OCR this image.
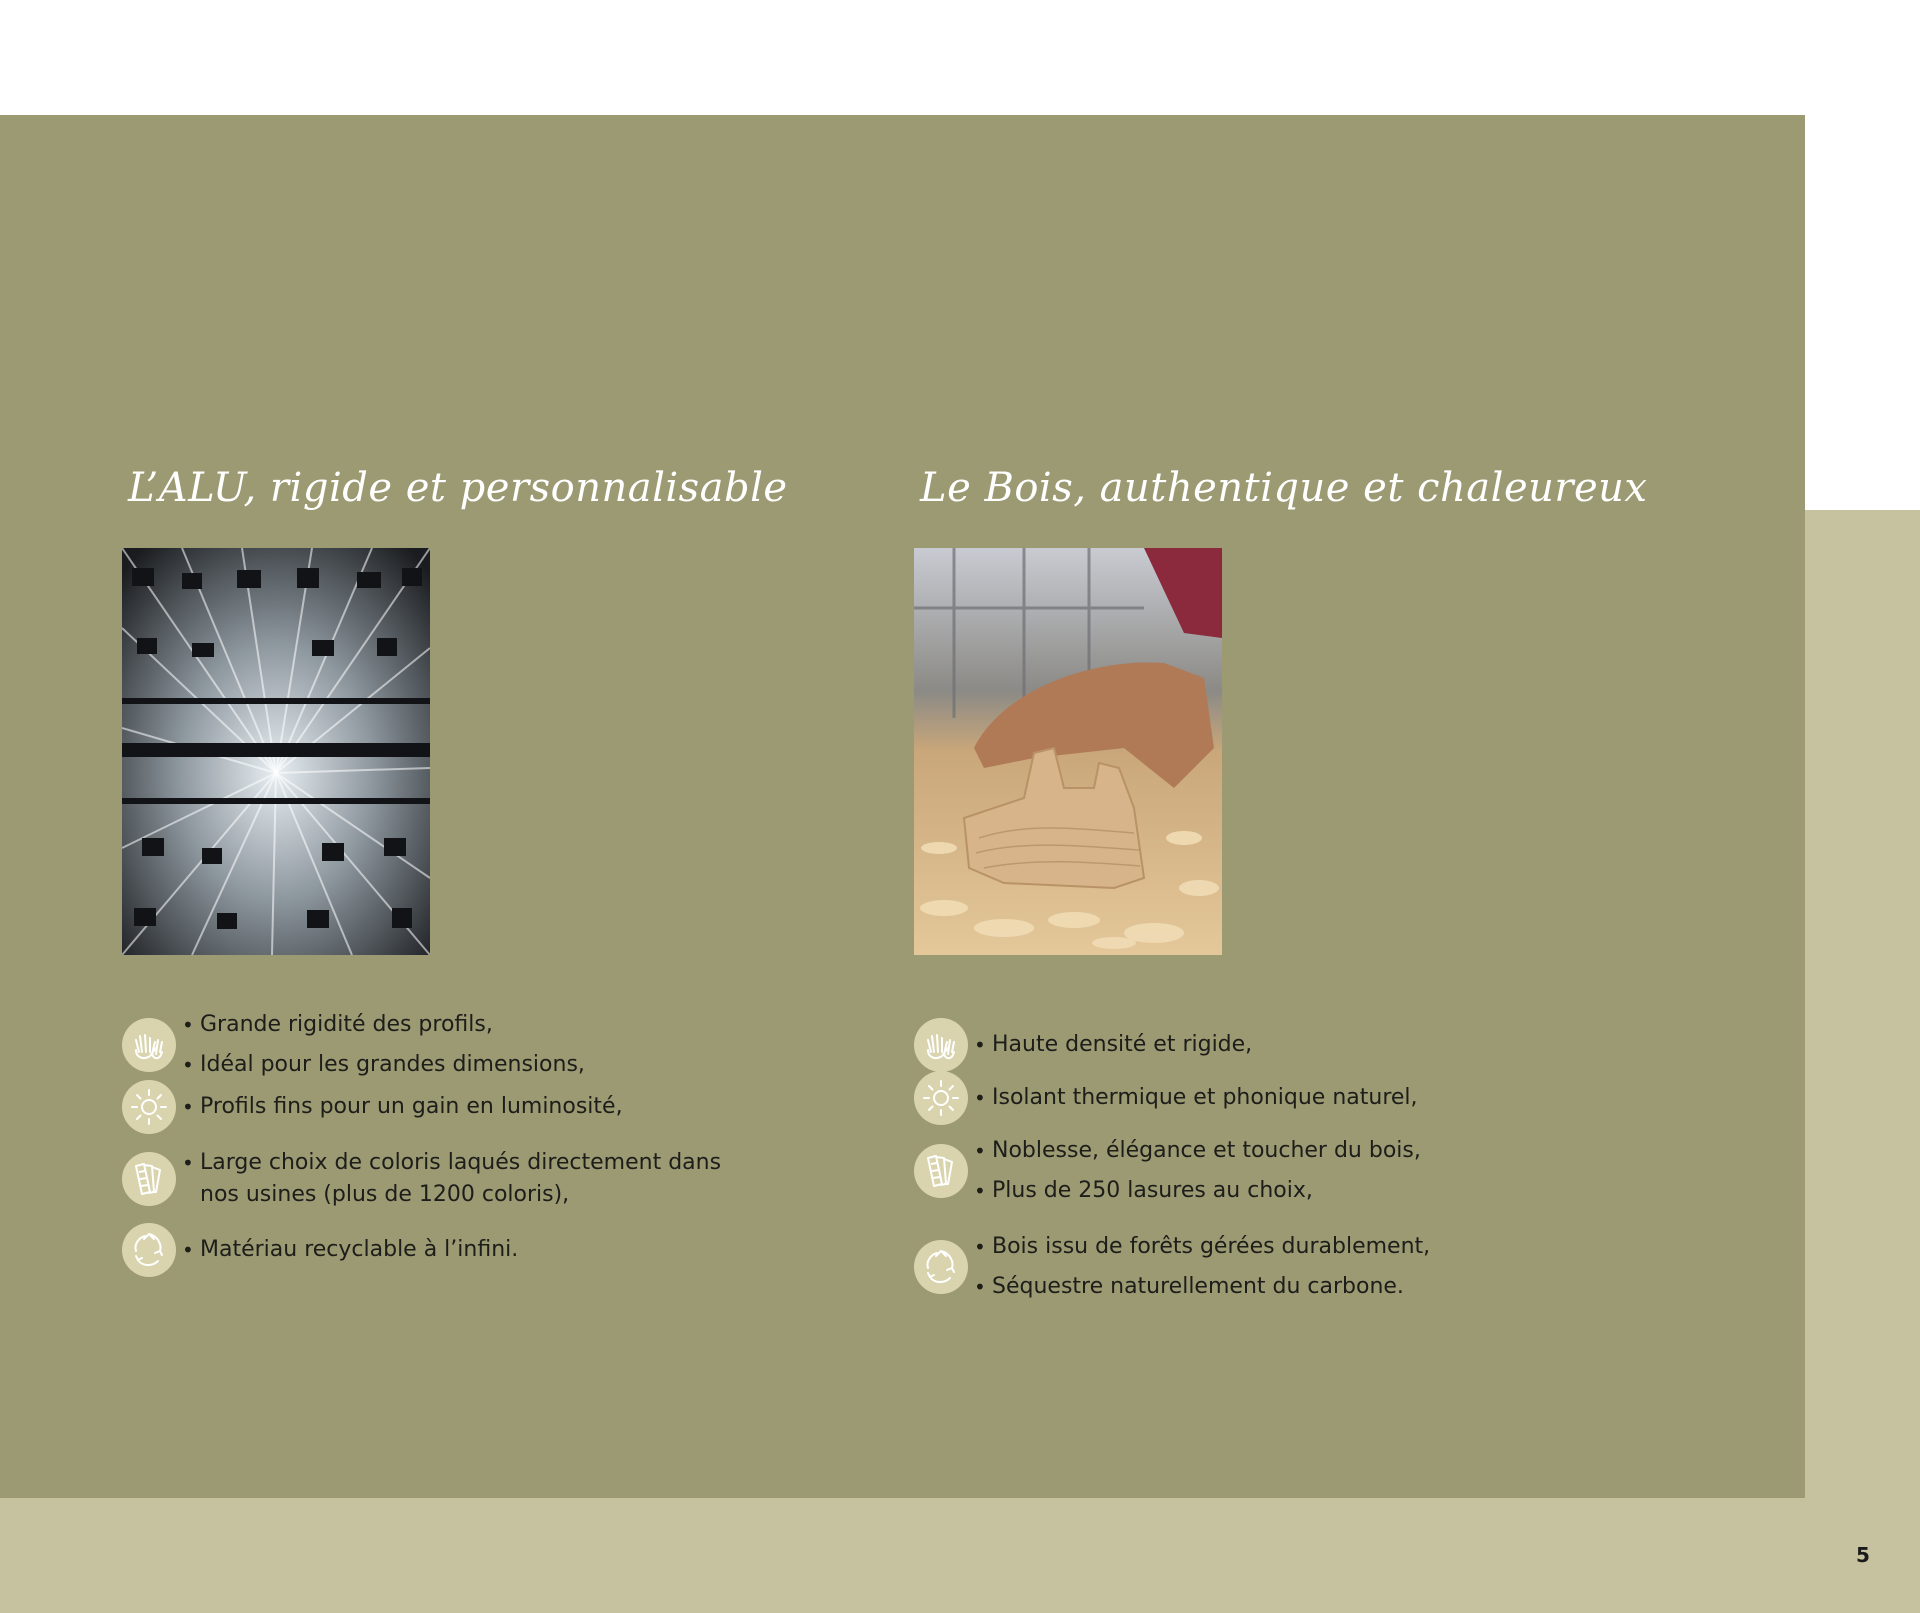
L’ALU, rigide et personnalisable
• Grande rigidité des profils,
• Idéal pour les grandes dimensions,
• Profils fins pour un gain en luminosité,
• Large choix de coloris laqués directement dans
nos usines (plus de 1200 coloris),
• Matériau recyclable à l’infini.
Le Bois, authentique et chaleureux
• Haute densité et rigide,
• Isolant thermique et phonique naturel,
• Noblesse, élégance et toucher du bois,
• Plus de 250 lasures au choix,
• Bois issu de forêts gérées durablement,
• Séquestre naturellement du carbone.
5
